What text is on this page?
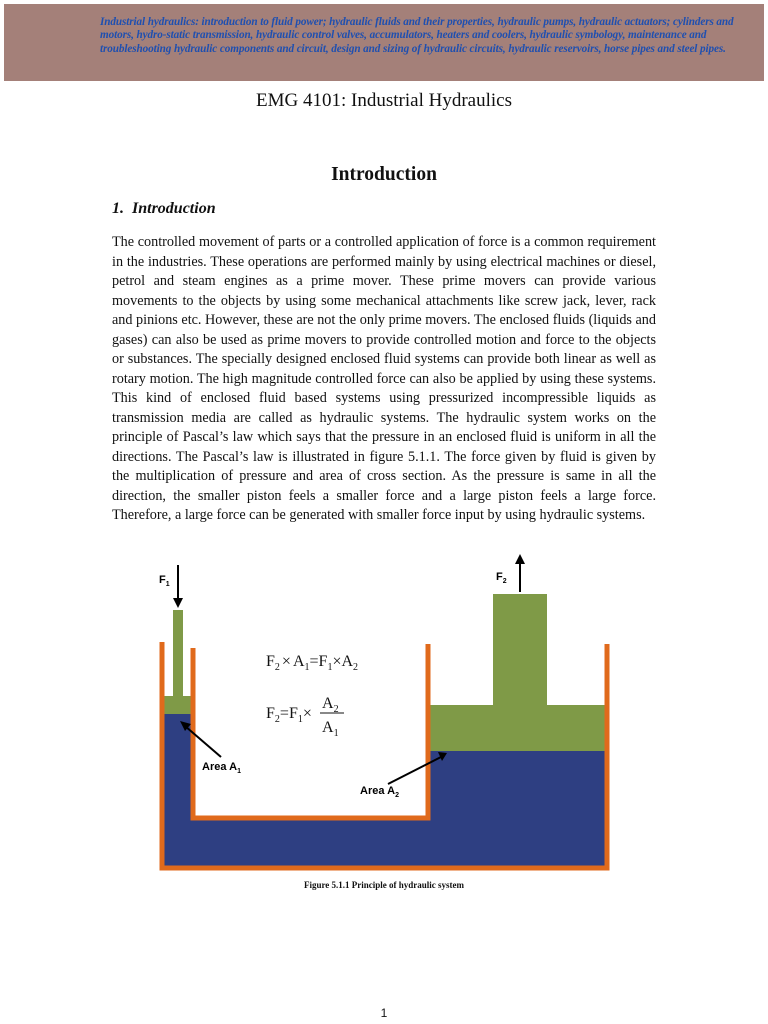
Industrial hydraulics: introduction to fluid power; hydraulic fluids and their properties, hydraulic pumps, hydraulic actuators; cylinders and motors, hydro-static transmission, hydraulic control valves, accumulators, heaters and coolers, hydraulic symbology, maintenance and troubleshooting hydraulic components and circuit, design and sizing of hydraulic circuits, hydraulic reservoirs, horse pipes and steel pipes.

EMG 4101: Industrial Hydraulics
Introduction
1. Introduction

The controlled movement of parts or a controlled application of force is a common requirement in the industries. These operations are performed mainly by using electrical machines or diesel, petrol and steam engines as a prime mover. These prime movers can provide various movements to the objects by using some mechanical attachments like screw jack, lever, rack and pinions etc. However, these are not the only prime movers. The enclosed fluids (liquids and gases) can also be used as prime movers to provide controlled motion and force to the objects or substances. The specially designed enclosed fluid systems can provide both linear as well as rotary motion. The high magnitude controlled force can also be applied by using these systems. This kind of enclosed fluid based systems using pressurized incompressible liquids as transmission media are called as hydraulic systems. The hydraulic system works on the principle of Pascal’s law which says that the pressure in an enclosed fluid is uniform in all the directions. The Pascal’s law is illustrated in figure 5.1.1. The force given by fluid is given by the multiplication of pressure and area of cross section. As the pressure is same in all the direction, the smaller piston feels a smaller force and a large piston feels a large force. Therefore, a large force can be generated with smaller force input by using hydraulic systems.

$F_1$
$F_2$
Area $A_1$
Area $A_2$
$F_2 \times A_1=F_1\times A_2$
$F_2=F_1\times$
$A_2$
$A_1$

Figure 5.1.1 Principle of hydraulic system

1
